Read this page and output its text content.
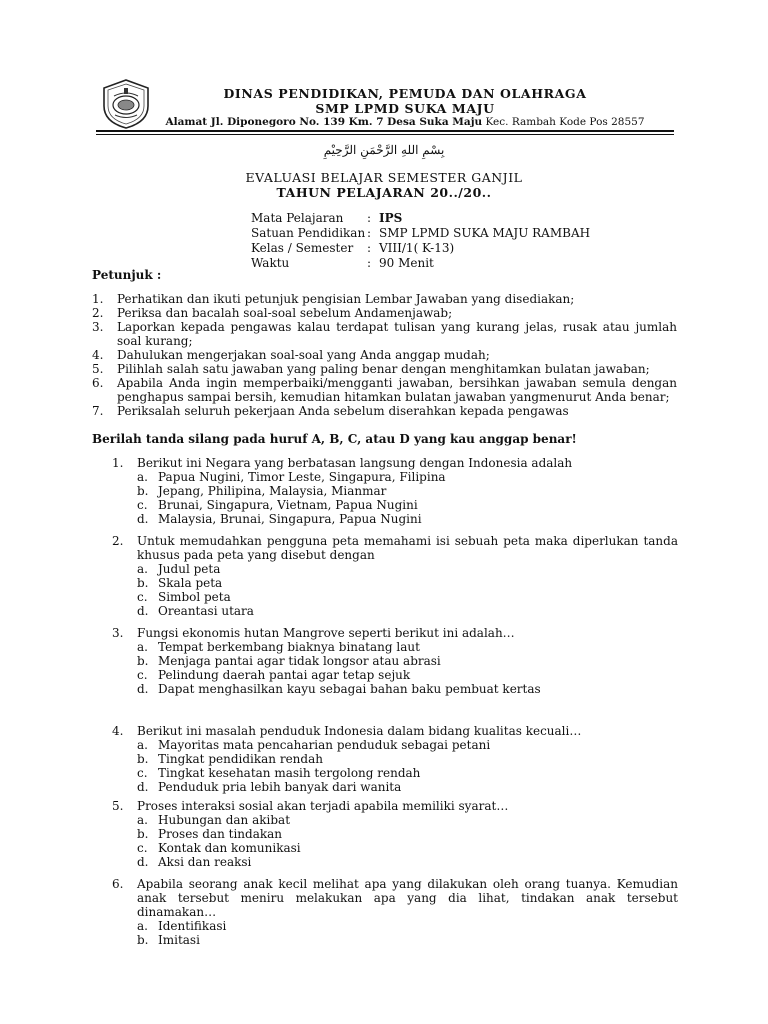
DINAS PENDIDIKAN, PEMUDA DAN OLAHRAGA
SMP LPMD SUKA MAJU
Alamat Jl. Diponegoro No. 139 Km. 7 Desa Suka Maju Kec. Rambah Kode Pos 28557
بِسْمِ اللهِ الرَّحْمَنِ الرَّحِيْمِ
EVALUASI BELAJAR SEMESTER GANJIL
TAHUN PELAJARAN 20../20..
Mata Pelajaran	: IPS
Satuan Pendidikan : SMP LPMD SUKA MAJU RAMBAH
Kelas / Semester	: VIII/1( K-13)
Waktu	: 90 Menit
Petunjuk :
1.	Perhatikan dan ikuti petunjuk pengisian Lembar Jawaban yang disediakan;
2.	Periksa dan bacalah soal-soal sebelum Andamenjawab;
3.	Laporkan kepada pengawas kalau terdapat tulisan yang kurang jelas, rusak atau jumlah soal kurang;
4.	Dahulukan mengerjakan soal-soal yang Anda anggap mudah;
5.	Pilihlah salah satu jawaban yang paling benar dengan menghitamkan bulatan jawaban;
6.	Apabila Anda ingin memperbaiki/mengganti jawaban, bersihkan jawaban semula dengan penghapus sampai bersih, kemudian hitamkan bulatan jawaban yangmenurut Anda benar;
7.	Periksalah seluruh pekerjaan Anda sebelum diserahkan kepada pengawas
Berilah tanda silang pada huruf A, B, C, atau D yang kau anggap benar!
1.	Berikut ini Negara yang berbatasan langsung dengan Indonesia adalah
a. Papua Nugini, Timor Leste, Singapura, Filipina
b. Jepang, Philipina, Malaysia, Mianmar
c. Brunai, Singapura, Vietnam, Papua Nugini
d. Malaysia, Brunai, Singapura, Papua Nugini
2.	Untuk memudahkan pengguna peta memahami isi sebuah peta maka diperlukan tanda khusus pada peta yang disebut dengan
a. Judul peta
b. Skala peta
c. Simbol peta
d. Oreantasi utara
3.	Fungsi ekonomis hutan Mangrove seperti berikut ini adalah…
a. Tempat berkembang biaknya binatang laut
b. Menjaga pantai agar tidak longsor atau abrasi
c. Pelindung daerah pantai agar tetap sejuk
d. Dapat menghasilkan kayu sebagai bahan baku pembuat kertas
4.	Berikut ini masalah penduduk Indonesia dalam bidang kualitas kecuali…
a. Mayoritas mata pencaharian penduduk sebagai petani
b. Tingkat pendidikan rendah
c. Tingkat kesehatan masih tergolong rendah
d. Penduduk pria lebih banyak dari wanita
5.	Proses interaksi sosial akan terjadi apabila memiliki syarat…
a. Hubungan dan akibat
b. Proses dan tindakan
c. Kontak dan komunikasi
d. Aksi dan reaksi
6.	Apabila seorang anak kecil melihat apa yang dilakukan oleh orang tuanya. Kemudian anak tersebut meniru melakukan apa yang dia lihat, tindakan anak tersebut dinamakan…
a. Identifikasi
b. Imitasi
